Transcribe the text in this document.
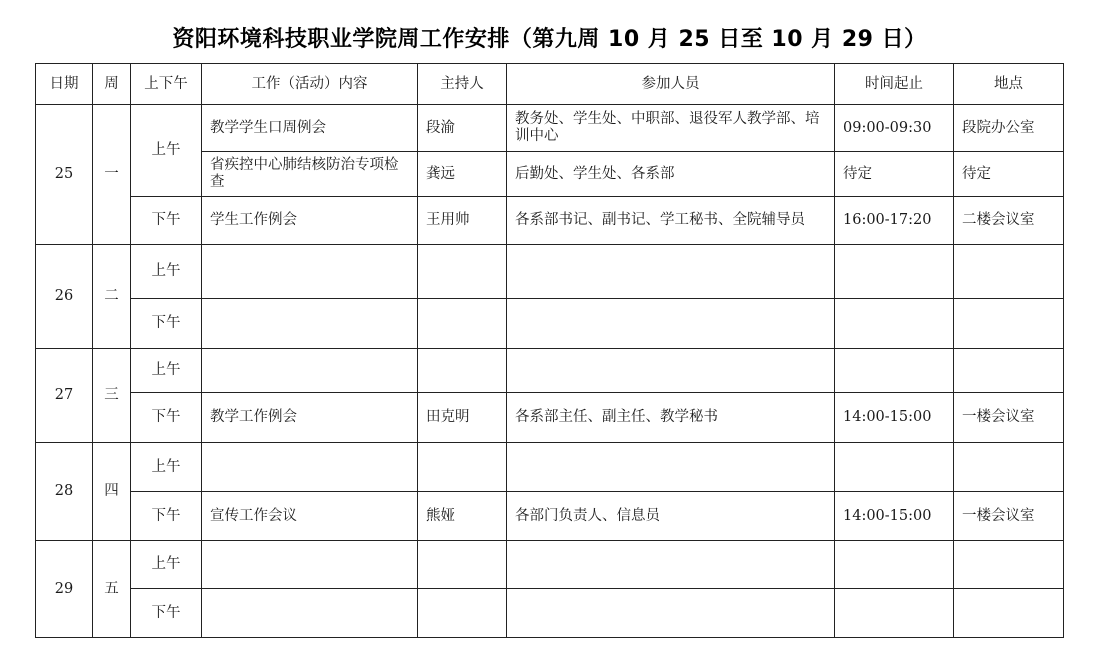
资阳环境科技职业学院周工作安排（第九周 10 月 25 日至 10 月 29 日）
日期	周	上下午	工作（活动）内容	主持人	参加人员	时间起止	地点
25	一	上午	教学学生口周例会	段渝	教务处、学生处、中职部、退役军人教学部、培训中心	09:00-09:30	段院办公室
			省疾控中心肺结核防治专项检查	龚远	后勤处、学生处、各系部	待定	待定
		下午	学生工作例会	王用帅	各系部书记、副书记、学工秘书、全院辅导员	16:00-17:20	二楼会议室
26	二	上午					
		下午					
27	三	上午					
		下午	教学工作例会	田克明	各系部主任、副主任、教学秘书	14:00-15:00	一楼会议室
28	四	上午					
		下午	宣传工作会议	熊娅	各部门负责人、信息员	14:00-15:00	一楼会议室
29	五	上午					
		下午					
